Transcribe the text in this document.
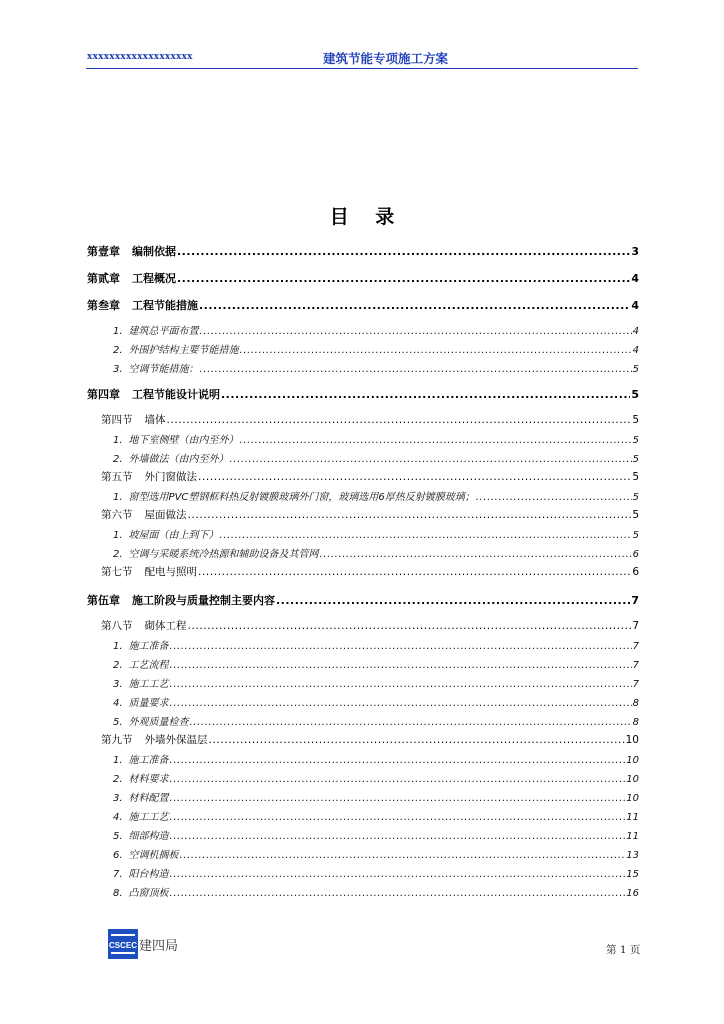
xxxxxxxxxxxxxxxxxxx	建筑节能专项施工方案
目 录
第壹章 编制依据 .....	3
第贰章 工程概况 .....	4
第叁章 工程节能措施 .....	4
1. 建筑总平面布置 .....	4
2. 外围护结构主要节能措施 .....	4
3. 空调节能措施： .....	5
第四章 工程节能设计说明 .....	5
第四节 墙体 .....	5
1. 地下室侧壁（由内至外） .....	5
2. 外墙做法（由内至外） .....	5
第五节 外门窗做法 .....	5
1. 窗型选用PVC塑钢框料热反射镀膜玻璃外门窗，玻璃选用6厚热反射镀膜玻璃； .....	5
第六节 屋面做法 .....	5
1. 坡屋面（由上到下） .....	5
2. 空调与采暖系统冷热源和辅助设备及其管网 .....	6
第七节 配电与照明 .....	6
第伍章 施工阶段与质量控制主要内容 .....	7
第八节 砌体工程 .....	7
1. 施工准备 .....	7
2. 工艺流程 .....	7
3. 施工工艺 .....	7
4. 质量要求 .....	8
5. 外观质量检查 .....	8
第九节 外墙外保温层 .....	10
1. 施工准备 .....	10
2. 材料要求 .....	10
3. 材料配置 .....	10
4. 施工工艺 .....	11
5. 细部构造 .....	11
6. 空调机搁板 .....	13
7. 阳台构造 .....	15
8. 凸窗顶板 .....	16
CSCEC 建四局	第 1 页
